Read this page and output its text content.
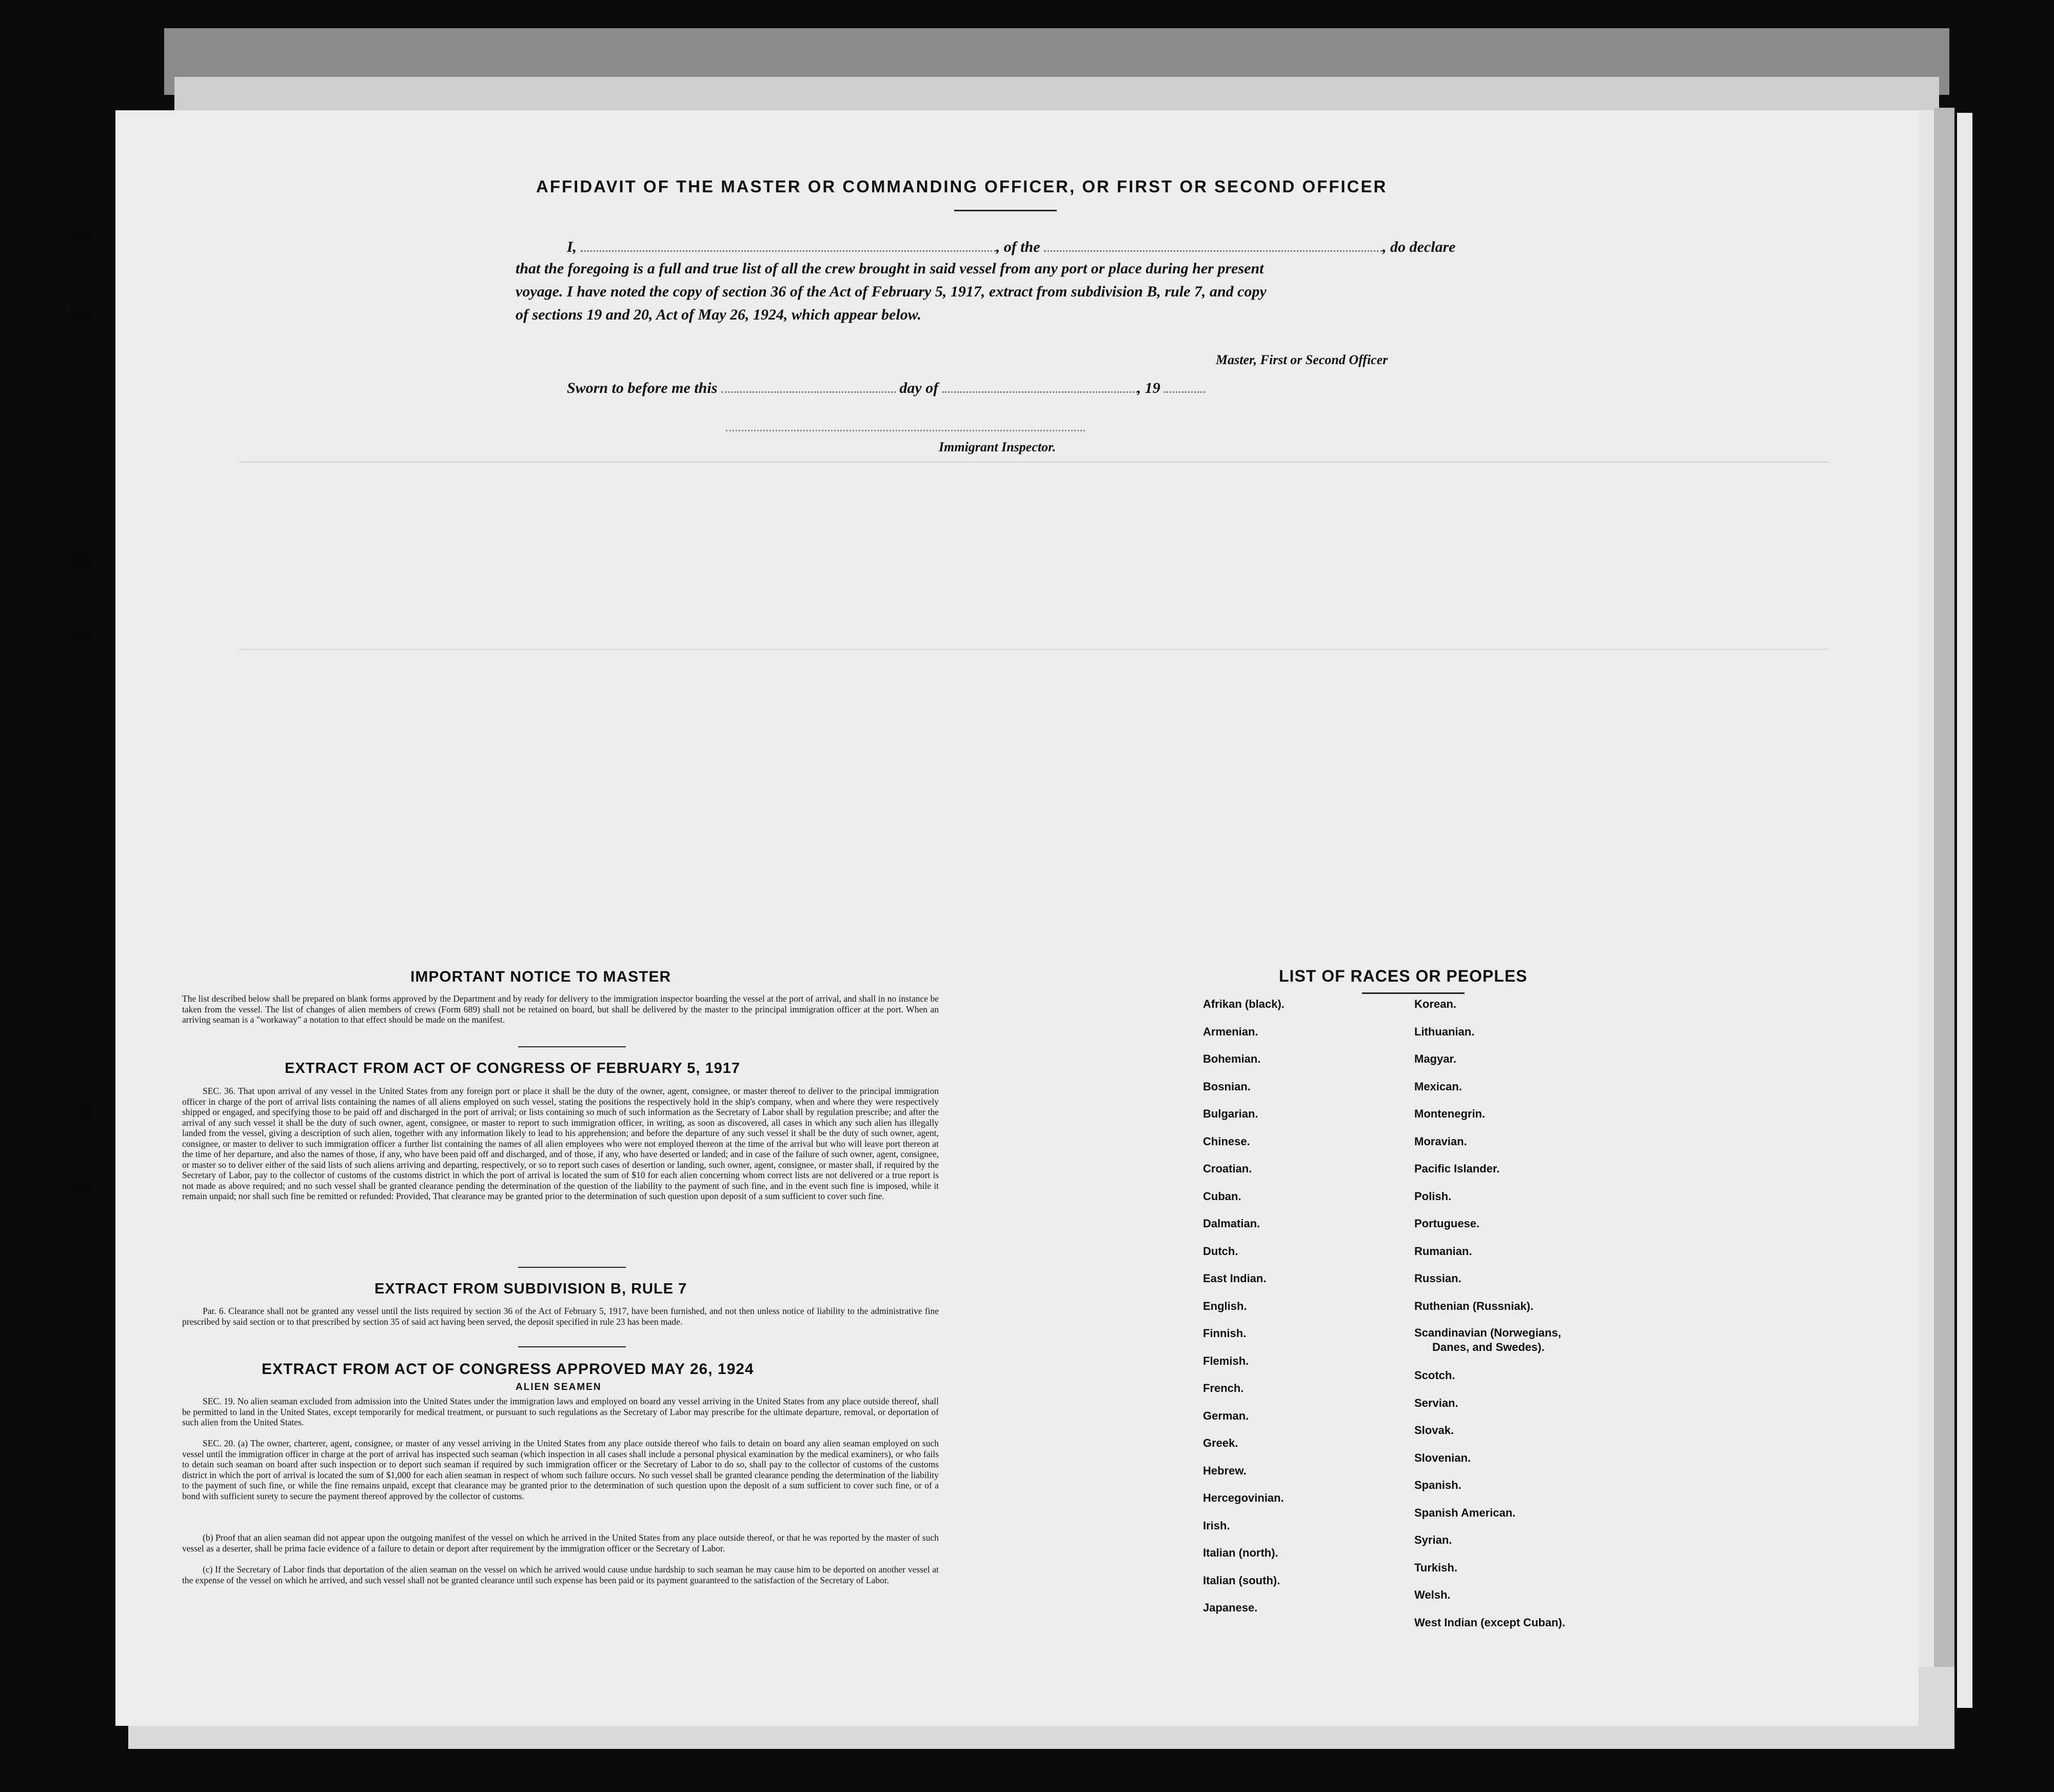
AFFIDAVIT OF THE MASTER OR COMMANDING OFFICER, OR FIRST OR SECOND OFFICER
I,	, of the	, do declare
that the foregoing is a full and true list of all the crew brought in said vessel from any port or place during her present
voyage. I have noted the copy of section 36 of the Act of February 5, 1917, extract from subdivision B, rule 7, and copy
of sections 19 and 20, Act of May 26, 1924, which appear below.
Master, First or Second Officer
Sworn to before me this	day of	, 19
Immigrant Inspector.
IMPORTANT NOTICE TO MASTER
The list described below shall be prepared on blank forms approved by the Department and by ready for delivery to the immigration inspector boarding the vessel at the port of arrival, and shall in no instance be taken from the vessel. The list of changes of alien members of crews (Form 689) shall not be retained on board, but shall be delivered by the master to the principal immigration officer at the port. When an arriving seaman is a "workaway" a notation to that effect should be made on the manifest.
EXTRACT FROM ACT OF CONGRESS OF FEBRUARY 5, 1917
SEC. 36. That upon arrival of any vessel in the United States from any foreign port or place it shall be the duty of the owner, agent, consignee, or master thereof to deliver to the principal immigration officer in charge of the port of arrival lists containing the names of all aliens employed on such vessel, stating the positions the respectively hold in the ship's company, when and where they were respectively shipped or engaged, and specifying those to be paid off and discharged in the port of arrival; or lists containing so much of such information as the Secretary of Labor shall by regulation prescribe; and after the arrival of any such vessel it shall be the duty of such owner, agent, consignee, or master to report to such immigration officer, in writing, as soon as discovered, all cases in which any such alien has illegally landed from the vessel, giving a description of such alien, together with any information likely to lead to his apprehension; and before the departure of any such vessel it shall be the duty of such owner, agent, consignee, or master to deliver to such immigration officer a further list containing the names of all alien employees who were not employed thereon at the time of the arrival but who will leave port thereon at the time of her departure, and also the names of those, if any, who have been paid off and discharged, and of those, if any, who have deserted or landed; and in case of the failure of such owner, agent, consignee, or master so to deliver either of the said lists of such aliens arriving and departing, respectively, or so to report such cases of desertion or landing, such owner, agent, consignee, or master shall, if required by the Secretary of Labor, pay to the collector of customs of the customs district in which the port of arrival is located the sum of $10 for each alien concerning whom correct lists are not delivered or a true report is not made as above required; and no such vessel shall be granted clearance pending the determination of the question of the liability to the payment of such fine, and in the event such fine is imposed, while it remain unpaid; nor shall such fine be remitted or refunded: Provided, That clearance may be granted prior to the determination of such question upon deposit of a sum sufficient to cover such fine.
EXTRACT FROM SUBDIVISION B, RULE 7
Par. 6. Clearance shall not be granted any vessel until the lists required by section 36 of the Act of February 5, 1917, have been furnished, and not then unless notice of liability to the administrative fine prescribed by said section or to that prescribed by section 35 of said act having been served, the deposit specified in rule 23 has been made.
EXTRACT FROM ACT OF CONGRESS APPROVED MAY 26, 1924
ALIEN SEAMEN
SEC. 19. No alien seaman excluded from admission into the United States under the immigration laws and employed on board any vessel arriving in the United States from any place outside thereof, shall be permitted to land in the United States, except temporarily for medical treatment, or pursuant to such regulations as the Secretary of Labor may prescribe for the ultimate departure, removal, or deportation of such alien from the United States.
SEC. 20. (a) The owner, charterer, agent, consignee, or master of any vessel arriving in the United States from any place outside thereof who fails to detain on board any alien seaman employed on such vessel until the immigration officer in charge at the port of arrival has inspected such seaman (which inspection in all cases shall include a personal physical examination by the medical examiners), or who fails to detain such seaman on board after such inspection or to deport such seaman if required by such immigration officer or the Secretary of Labor to do so, shall pay to the collector of customs of the customs district in which the port of arrival is located the sum of $1,000 for each alien seaman in respect of whom such failure occurs. No such vessel shall be granted clearance pending the determination of the liability to the payment of such fine, or while the fine remains unpaid, except that clearance may be granted prior to the determination of such question upon the deposit of a sum sufficient to cover such fine, or of a bond with sufficient surety to secure the payment thereof approved by the collector of customs.
(b) Proof that an alien seaman did not appear upon the outgoing manifest of the vessel on which he arrived in the United States from any place outside thereof, or that he was reported by the master of such vessel as a deserter, shall be prima facie evidence of a failure to detain or deport after requirement by the immigration officer or the Secretary of Labor.
(c) If the Secretary of Labor finds that deportation of the alien seaman on the vessel on which he arrived would cause undue hardship to such seaman he may cause him to be deported on another vessel at the expense of the vessel on which he arrived, and such vessel shall not be granted clearance until such expense has been paid or its payment guaranteed to the satisfaction of the Secretary of Labor.
LIST OF RACES OR PEOPLES
Afrikan (black).
Armenian.
Bohemian.
Bosnian.
Bulgarian.
Chinese.
Croatian.
Cuban.
Dalmatian.
Dutch.
East Indian.
English.
Finnish.
Flemish.
French.
German.
Greek.
Hebrew.
Hercegovinian.
Irish.
Italian (north).
Italian (south).
Japanese.
Korean.
Lithuanian.
Magyar.
Mexican.
Montenegrin.
Moravian.
Pacific Islander.
Polish.
Portuguese.
Rumanian.
Russian.
Ruthenian (Russniak).
Scandinavian (Norwegians,
Danes, and Swedes).
Scotch.
Servian.
Slovak.
Slovenian.
Spanish.
Spanish American.
Syrian.
Turkish.
Welsh.
West Indian (except Cuban).
